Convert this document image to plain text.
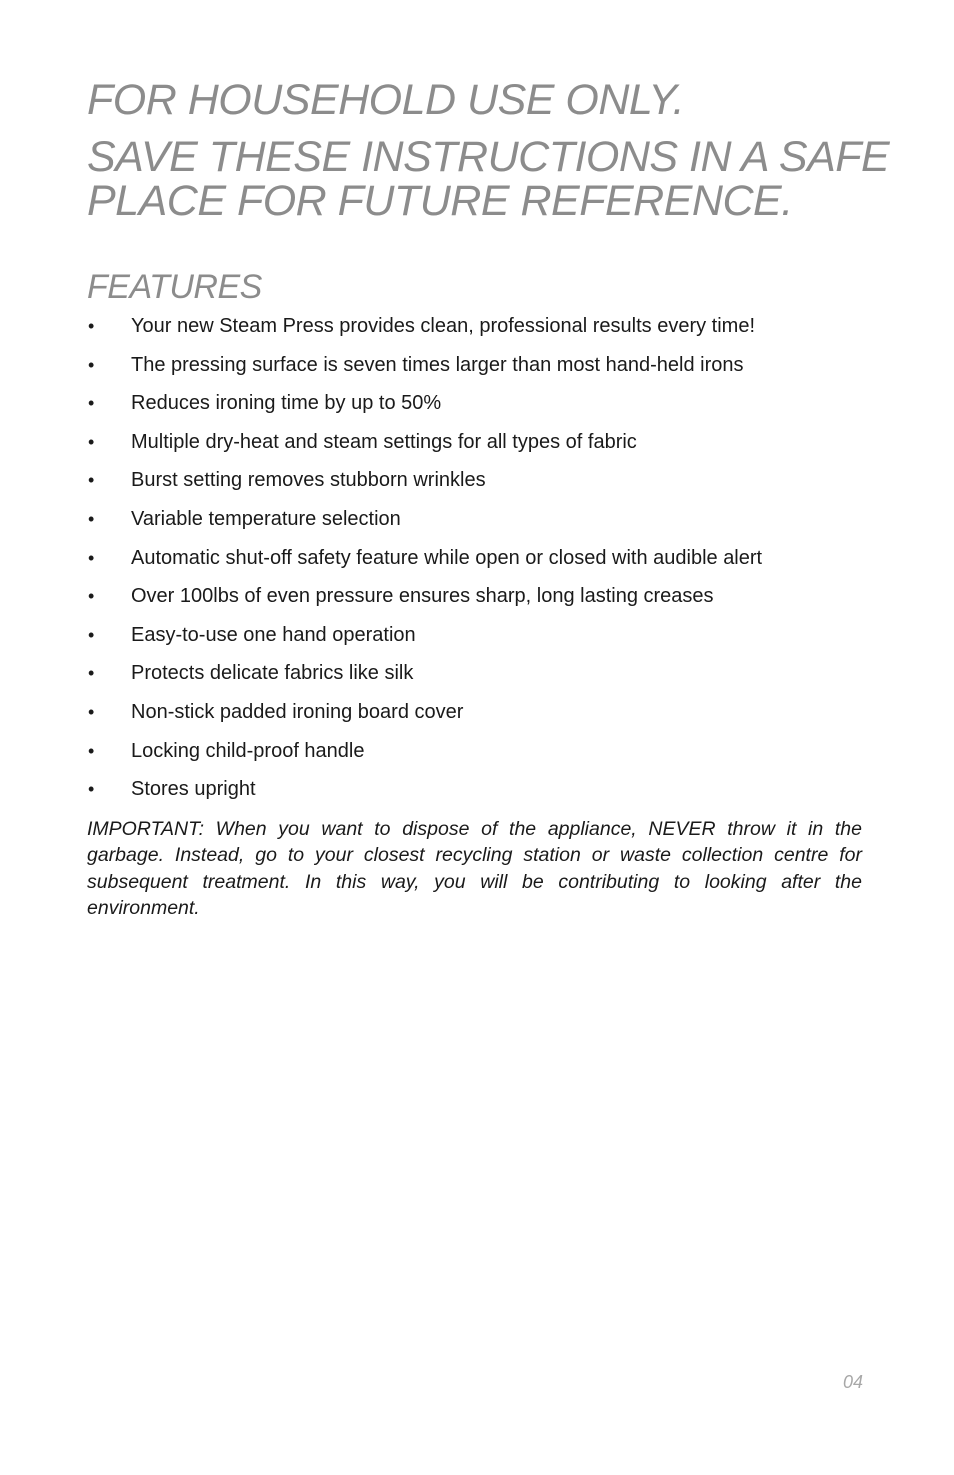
FOR HOUSEHOLD USE ONLY.
SAVE THESE INSTRUCTIONS IN A SAFE
PLACE FOR FUTURE REFERENCE.
FEATURES
•	Your new Steam Press provides clean, professional results every time!
•	The pressing surface is seven times larger than most hand-held irons
•	Reduces ironing time by up to 50%
•	Multiple dry-heat and steam settings for all types of fabric
•	Burst setting removes stubborn wrinkles
•	Variable temperature selection
•	Automatic shut-off safety feature while open or closed with audible alert
•	Over 100lbs of even pressure ensures sharp, long lasting creases
•	Easy-to-use one hand operation
•	Protects delicate fabrics like silk
•	Non-stick padded ironing board cover
•	Locking child-proof handle
•	Stores upright

IMPORTANT: When you want to dispose of the appliance, NEVER throw it in the garbage. Instead, go to your closest recycling station or waste collection centre for subsequent treatment. In this way, you will be contributing to looking after the environment.

04
